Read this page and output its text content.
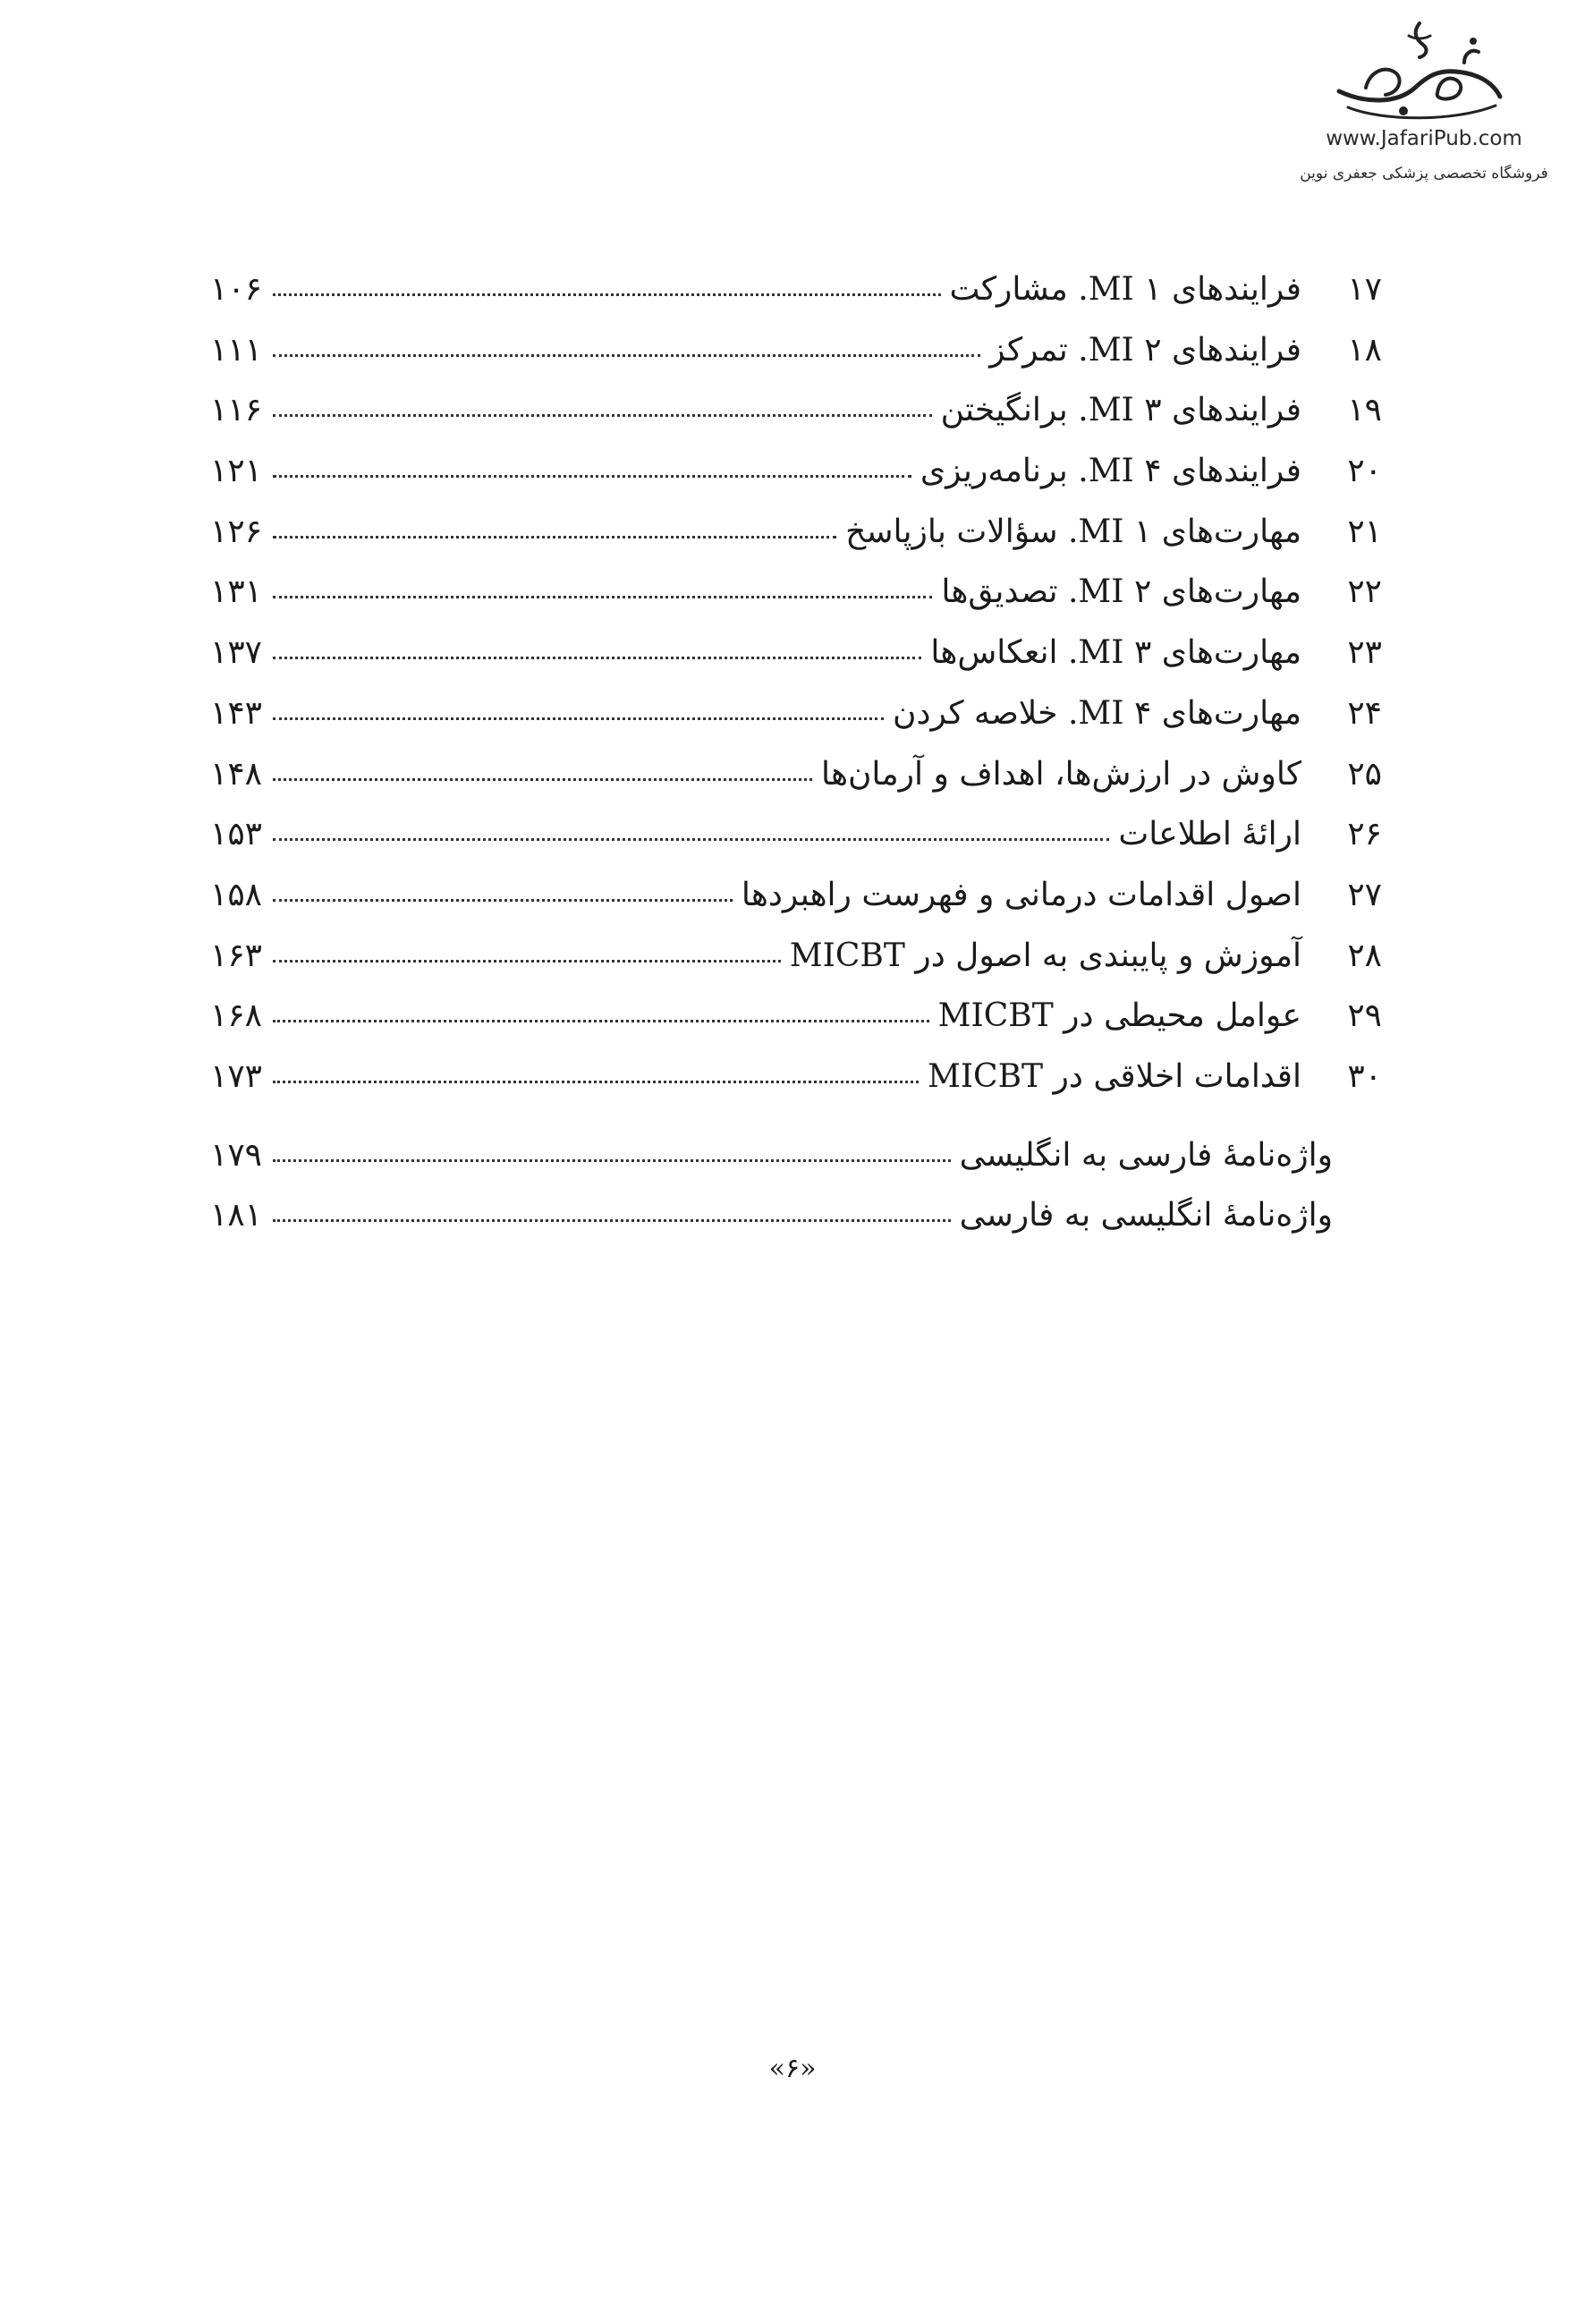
www.JafariPub.com
فروشگاه تخصصی پزشکی جعفری نوین
۱۷
فرایندهای MI ۱. مشارکت
۱۰۶
۱۸
فرایندهای MI ۲. تمرکز
۱۱۱
۱۹
فرایندهای MI ۳. برانگیختن
۱۱۶
۲۰
فرایندهای MI ۴. برنامه‌ریزی
۱۲۱
۲۱
مهارت‌های MI ۱. سؤالات بازپاسخ
۱۲۶
۲۲
مهارت‌های MI ۲. تصدیق‌ها
۱۳۱
۲۳
مهارت‌های MI ۳. انعکاس‌ها
۱۳۷
۲۴
مهارت‌های MI ۴. خلاصه کردن
۱۴۳
۲۵
کاوش در ارزش‌ها، اهداف و آرمان‌ها
۱۴۸
۲۶
ارائهٔ اطلاعات
۱۵۳
۲۷
اصول اقدامات درمانی و فهرست راهبردها
۱۵۸
۲۸
آموزش و پایبندی به اصول در MICBT
۱۶۳
۲۹
عوامل محیطی در MICBT
۱۶۸
۳۰
اقدامات اخلاقی در MICBT
۱۷۳
واژه‌نامهٔ فارسی به انگلیسی
۱۷۹
واژه‌نامهٔ انگلیسی به فارسی
۱۸۱
«۶»
